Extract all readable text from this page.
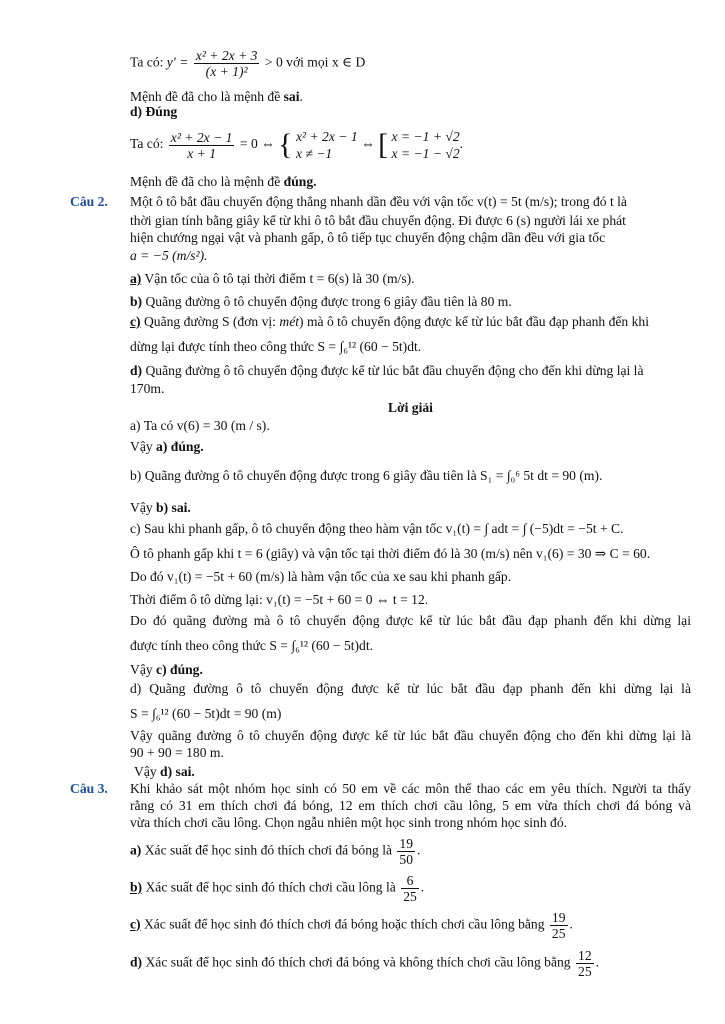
Ta có: $y' = \frac{\text{x² + 2x + 3}}{\text{(x + 1)²}} > 0$ với mọi x ∈ D
Mệnh đề đã cho là mệnh đề sai.
d) Đúng
Ta có: $\frac{\text{x² + 2x − 1}}{x + 1} = 0$ ⇔ { x² + 2x − 1
x ≠ −1
⇔ [ x = −1 + √2
x = −1 − √2
.
Mệnh đề đã cho là mệnh đề đúng.
Câu 2. Một ô tô bắt đầu chuyển động thẳng nhanh dần đều với vận tốc v(t) = 5t (m/s); trong đó t là
thời gian tính bằng giây kể từ khi ô tô bắt đầu chuyển động. Đi được 6 (s) người lái xe phát
hiện chướng ngại vật và phanh gấp, ô tô tiếp tục chuyển động chậm dần đều với gia tốc
a = −5 (m/s²).
a) Vận tốc của ô tô tại thời điểm t = 6(s) là 30 (m/s).
b) Quãng đường ô tô chuyển động được trong 6 giây đầu tiên là 80 m.
c) Quãng đường S (đơn vị: mét) mà ô tô chuyển động được kể từ lúc bắt đầu đạp phanh đến khi
dừng lại được tính theo công thức S = ∫₆¹² (60 − 5t)dt.
d) Quãng đường ô tô chuyển động được kể từ lúc bắt đầu chuyển động cho đến khi dừng lại là
170m.
Lời giải
a) Ta có v(6) = 30 (m / s).
Vậy a) đúng.
b) Quãng đường ô tô chuyển động được trong 6 giây đầu tiên là S₁ = ∫₀⁶ 5t dt = 90 (m).
Vậy b) sai.
c) Sau khi phanh gấp, ô tô chuyển động theo hàm vận tốc v₁(t) = ∫ adt = ∫ (−5)dt = −5t + C.
Ô tô phanh gấp khi t = 6 (giây) và vận tốc tại thời điểm đó là 30 (m/s) nên v₁(6) = 30 ⇒ C = 60.
Do đó v₁(t) = −5t + 60 (m/s) là hàm vận tốc của xe sau khi phanh gấp.
Thời điểm ô tô dừng lại: v₁(t) = −5t + 60 = 0 ⇔ t = 12.
Do đó quãng đường mà ô tô chuyển động được kể từ lúc bắt đầu đạp phanh đến khi dừng lại
được tính theo công thức S = ∫₆¹² (60 − 5t)dt.
Vậy c) đúng.
d) Quãng đường ô tô chuyển động được kể từ lúc bắt đầu đạp phanh đến khi dừng lại là
S = ∫₆¹² (60 − 5t)dt = 90 (m)
Vậy quãng đường ô tô chuyển động được kể từ lúc bắt đầu chuyển động cho đến khi dừng lại là
90 + 90 = 180 m.
Vậy d) sai.
Câu 3. Khi khảo sát một nhóm học sinh có 50 em về các môn thể thao các em yêu thích. Người ta thấy
rằng có 31 em thích chơi đá bóng, 12 em thích chơi cầu lông, 5 em vừa thích chơi đá bóng và
vừa thích chơi cầu lông. Chọn ngẫu nhiên một học sinh trong nhóm học sinh đó.
a) Xác suất để học sinh đó thích chơi đá bóng là $\frac{19}{50}$ .
b) Xác suất để học sinh đó thích chơi cầu lông là $\frac{6}{25}$ .
c) Xác suất để học sinh đó thích chơi đá bóng hoặc thích chơi cầu lông bằng $\frac{19}{25}$ .
d) Xác suất để học sinh đó thích chơi đá bóng và không thích chơi cầu lông bằng $\frac{12}{25}$ .
